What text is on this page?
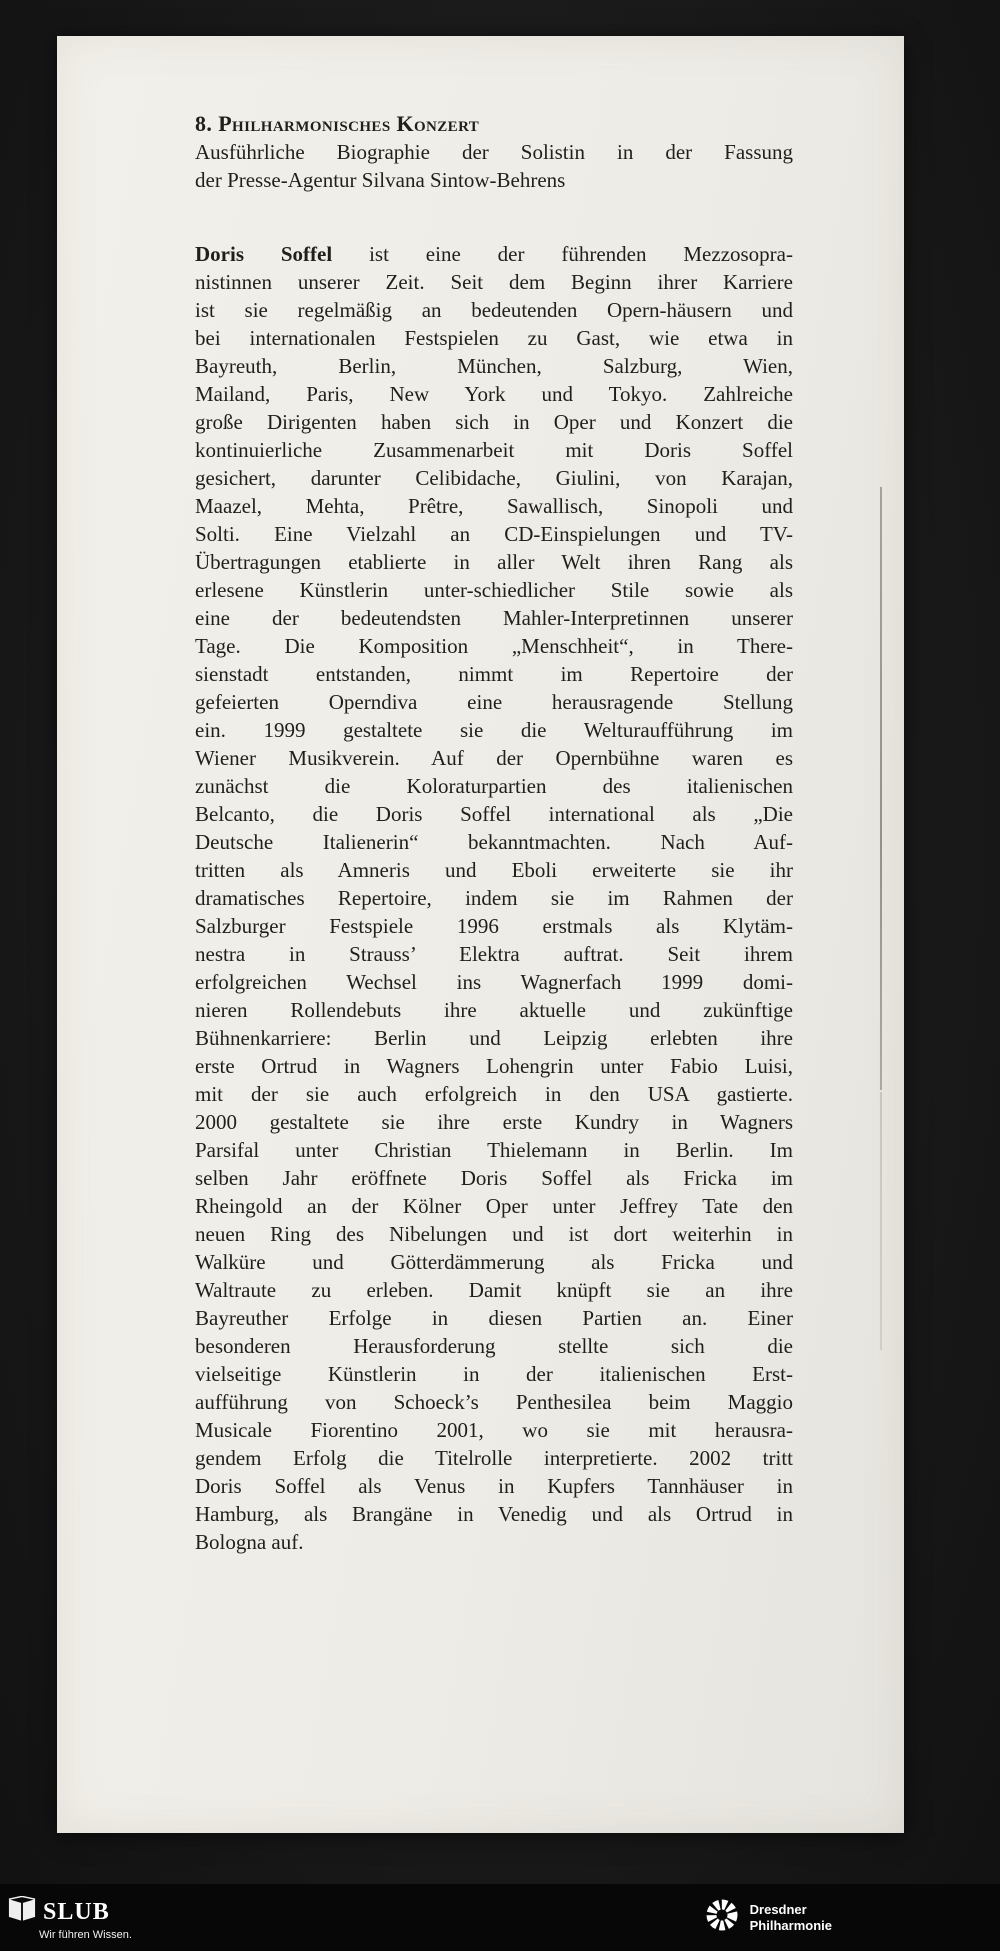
8. Philharmonisches Konzert
Ausführliche Biographie der Solistin in der Fassung
der Presse-Agentur Silvana Sintow-Behrens
Doris Soffel ist eine der führenden Mezzosopra-
nistinnen unserer Zeit. Seit dem Beginn ihrer Karriere
ist sie regelmäßig an bedeutenden Opern-häusern und
bei internationalen Festspielen zu Gast, wie etwa in
Bayreuth, Berlin, München, Salzburg, Wien,
Mailand, Paris, New York und Tokyo. Zahlreiche
große Dirigenten haben sich in Oper und Konzert die
kontinuierliche Zusammenarbeit mit Doris Soffel
gesichert, darunter Celibidache, Giulini, von Karajan,
Maazel, Mehta, Prêtre, Sawallisch, Sinopoli und
Solti. Eine Vielzahl an CD-Einspielungen und TV-
Übertragungen etablierte in aller Welt ihren Rang als
erlesene Künstlerin unter-schiedlicher Stile sowie als
eine der bedeutendsten Mahler-Interpretinnen unserer
Tage. Die Komposition „Menschheit“, in There-
sienstadt entstanden, nimmt im Repertoire der
gefeierten Operndiva eine herausragende Stellung
ein. 1999 gestaltete sie die Welturaufführung im
Wiener Musikverein. Auf der Opernbühne waren es
zunächst die Koloraturpartien des italienischen
Belcanto, die Doris Soffel international als „Die
Deutsche Italienerin“ bekanntmachten. Nach Auf-
tritten als Amneris und Eboli erweiterte sie ihr
dramatisches Repertoire, indem sie im Rahmen der
Salzburger Festspiele 1996 erstmals als Klytäm-
nestra in Strauss’ Elektra auftrat. Seit ihrem
erfolgreichen Wechsel ins Wagnerfach 1999 domi-
nieren Rollendebuts ihre aktuelle und zukünftige
Bühnenkarriere: Berlin und Leipzig erlebten ihre
erste Ortrud in Wagners Lohengrin unter Fabio Luisi,
mit der sie auch erfolgreich in den USA gastierte.
2000 gestaltete sie ihre erste Kundry in Wagners
Parsifal unter Christian Thielemann in Berlin. Im
selben Jahr eröffnete Doris Soffel als Fricka im
Rheingold an der Kölner Oper unter Jeffrey Tate den
neuen Ring des Nibelungen und ist dort weiterhin in
Walküre und Götterdämmerung als Fricka und
Waltraute zu erleben. Damit knüpft sie an ihre
Bayreuther Erfolge in diesen Partien an. Einer
besonderen Herausforderung stellte sich die
vielseitige Künstlerin in der italienischen Erst-
aufführung von Schoeck’s Penthesilea beim Maggio
Musicale Fiorentino 2001, wo sie mit herausra-
gendem Erfolg die Titelrolle interpretierte. 2002 tritt
Doris Soffel als Venus in Kupfers Tannhäuser in
Hamburg, als Brangäne in Venedig und als Ortrud in
Bologna auf.
SLUB
Wir führen Wissen.
Dresdner
Philharmonie
